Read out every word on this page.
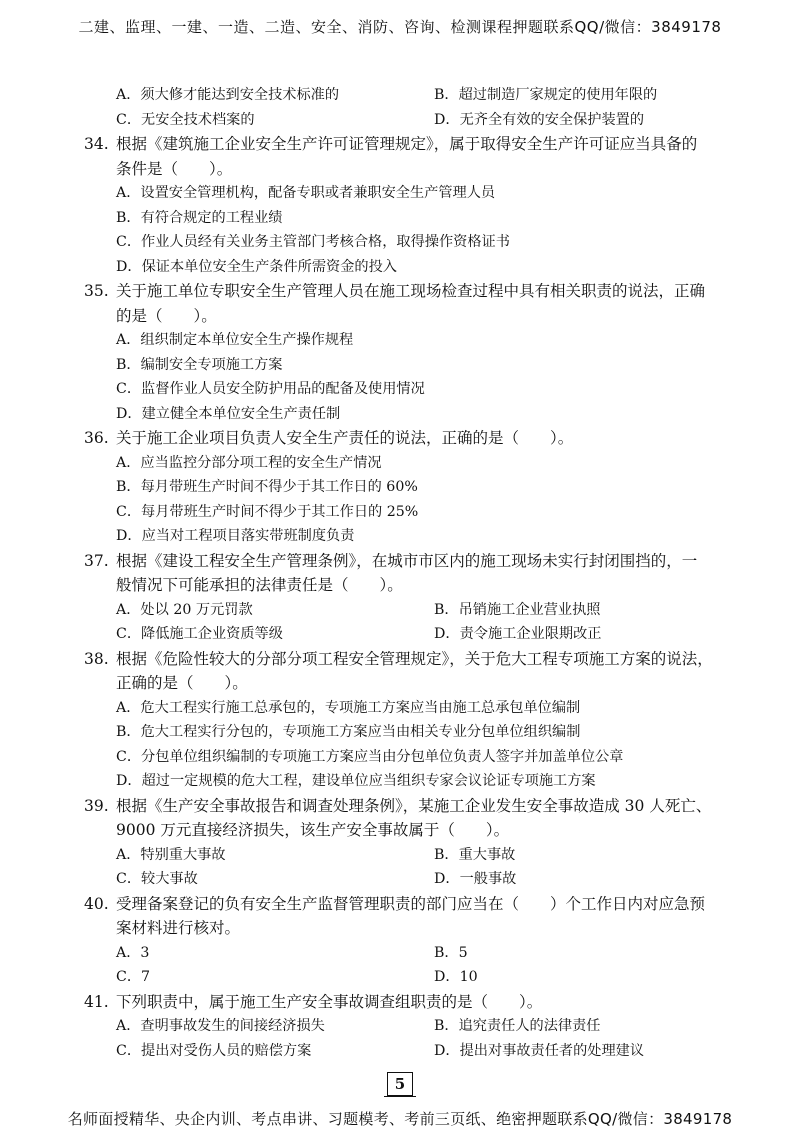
二建、监理、一建、一造、二造、安全、消防、咨询、检测课程押题联系QQ/微信：3849178
A．须大修才能达到安全技术标准的	B．超过制造厂家规定的使用年限的
C．无安全技术档案的	D．无齐全有效的安全保护装置的
34. 根据《建筑施工企业安全生产许可证管理规定》，属于取得安全生产许可证应当具备的
条件是（　　）。
A．设置安全管理机构，配备专职或者兼职安全生产管理人员
B．有符合规定的工程业绩
C．作业人员经有关业务主管部门考核合格，取得操作资格证书
D．保证本单位安全生产条件所需资金的投入
35. 关于施工单位专职安全生产管理人员在施工现场检查过程中具有相关职责的说法，正确
的是（　　）。
A．组织制定本单位安全生产操作规程
B．编制安全专项施工方案
C．监督作业人员安全防护用品的配备及使用情况
D．建立健全本单位安全生产责任制
36. 关于施工企业项目负责人安全生产责任的说法，正确的是（　　）。
A．应当监控分部分项工程的安全生产情况
B．每月带班生产时间不得少于其工作日的 60%
C．每月带班生产时间不得少于其工作日的 25%
D．应当对工程项目落实带班制度负责
37. 根据《建设工程安全生产管理条例》，在城市市区内的施工现场未实行封闭围挡的，一
般情况下可能承担的法律责任是（　　）。
A．处以 20 万元罚款	B．吊销施工企业营业执照
C．降低施工企业资质等级	D．责令施工企业限期改正
38. 根据《危险性较大的分部分项工程安全管理规定》，关于危大工程专项施工方案的说法，
正确的是（　　）。
A．危大工程实行施工总承包的，专项施工方案应当由施工总承包单位编制
B．危大工程实行分包的，专项施工方案应当由相关专业分包单位组织编制
C．分包单位组织编制的专项施工方案应当由分包单位负责人签字并加盖单位公章
D．超过一定规模的危大工程，建设单位应当组织专家会议论证专项施工方案
39. 根据《生产安全事故报告和调查处理条例》，某施工企业发生安全事故造成 30 人死亡、
9000 万元直接经济损失，该生产安全事故属于（　　）。
A．特别重大事故	B．重大事故
C．较大事故	D．一般事故
40. 受理备案登记的负有安全生产监督管理职责的部门应当在（　　）个工作日内对应急预
案材料进行核对。
A．3	B．5
C．7	D．10
41. 下列职责中，属于施工生产安全事故调查组职责的是（　　）。
A．查明事故发生的间接经济损失	B．追究责任人的法律责任
C．提出对受伤人员的赔偿方案	D．提出对事故责任者的处理建议
5
名师面授精华、央企内训、考点串讲、习题模考、考前三页纸、绝密押题联系QQ/微信：3849178
